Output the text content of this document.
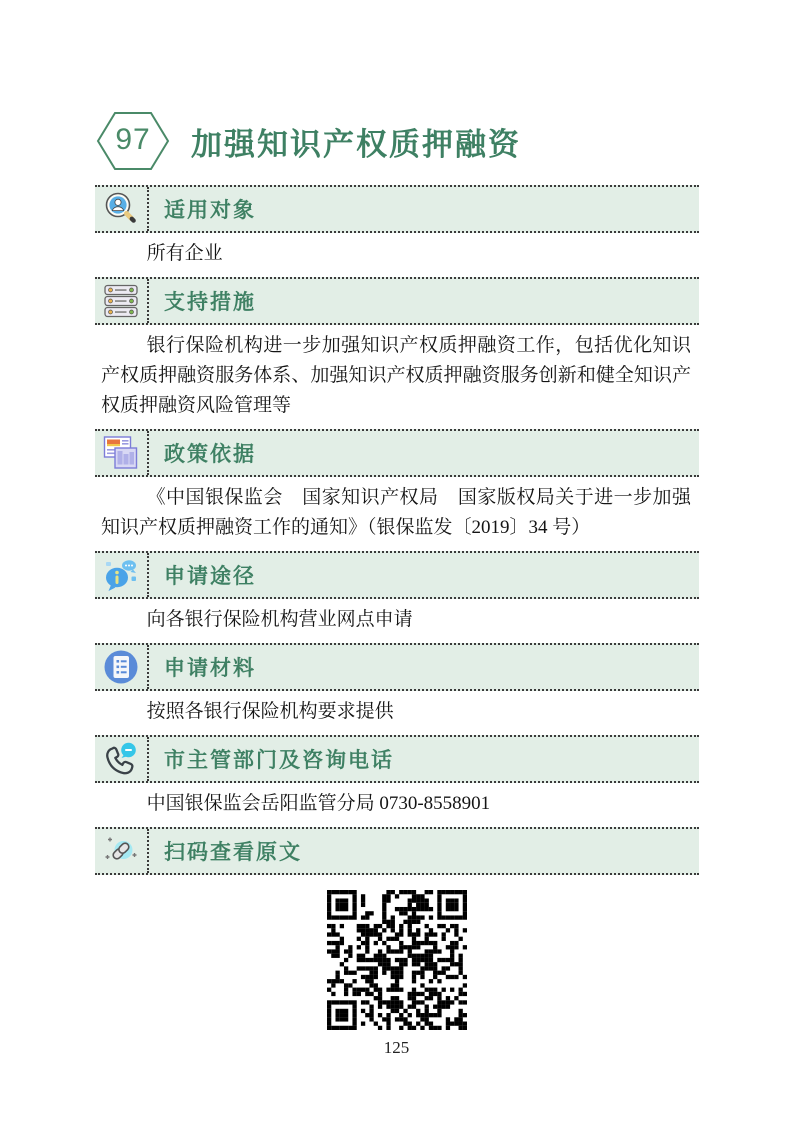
97	加强知识产权质押融资
适用对象

所有企业

支持措施

银行保险机构进一步加强知识产权质押融资工作，包括优化知识产权质押融资服务体系、加强知识产权质押融资服务创新和健全知识产权质押融资风险管理等

政策依据

《中国银保监会　国家知识产权局　国家版权局关于进一步加强知识产权质押融资工作的通知》（银保监发〔2019〕34 号）

申请途径

向各银行保险机构营业网点申请

申请材料

按照各银行保险机构要求提供

市主管部门及咨询电话

中国银保监会岳阳监管分局 0730-8558901

扫码查看原文
125
